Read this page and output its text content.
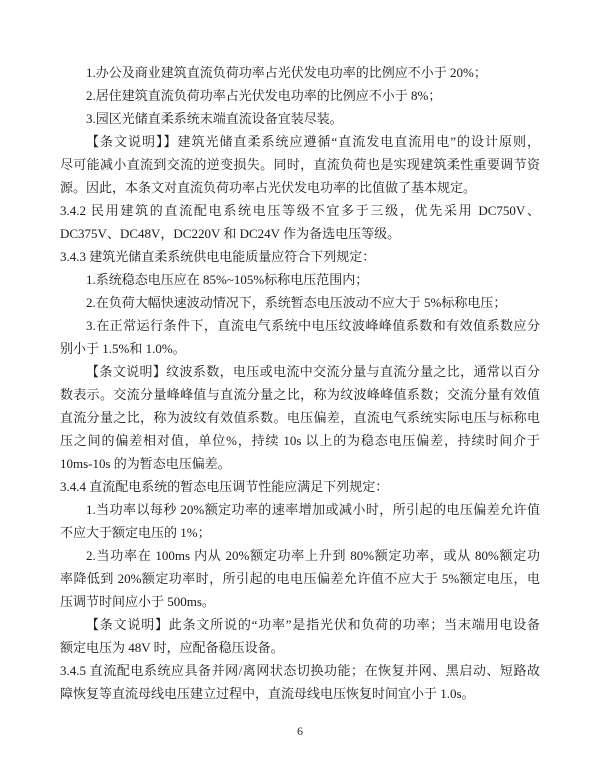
1.办公及商业建筑直流负荷功率占光伏发电功率的比例应不小于 20%；
2.居住建筑直流负荷功率占光伏发电功率的比例应不小于 8%；
3.园区光储直柔系统末端直流设备宜装尽装。
【条文说明】】建筑光储直柔系统应遵循“直流发电直流用电”的设计原则，
尽可能减小直流到交流的逆变损失。同时，直流负荷也是实现建筑柔性重要调节资
源。因此，本条文对直流负荷功率占光伏发电功率的比值做了基本规定。
3.4.2 民用建筑的直流配电系统电压等级不宜多于三级，优先采用 DC750V、
DC375V、DC48V，DC220V 和 DC24V 作为备选电压等级。
3.4.3 建筑光储直柔系统供电电能质量应符合下列规定：
1.系统稳态电压应在 85%~105%标称电压范围内；
2.在负荷大幅快速波动情况下，系统暂态电压波动不应大于 5%标称电压；
3.在正常运行条件下，直流电气系统中电压纹波峰峰值系数和有效值系数应分
别小于 1.5%和 1.0%。
【条文说明】纹波系数，电压或电流中交流分量与直流分量之比，通常以百分
数表示。交流分量峰峰值与直流分量之比，称为纹波峰峰值系数；交流分量有效值
直流分量之比，称为波纹有效值系数。电压偏差，直流电气系统实际电压与标称电
压之间的偏差相对值，单位%，持续 10s 以上的为稳态电压偏差，持续时间介于
10ms-10s 的为暂态电压偏差。
3.4.4 直流配电系统的暂态电压调节性能应满足下列规定：
1.当功率以每秒 20%额定功率的速率增加或减小时，所引起的电压偏差允许值
不应大于额定电压的 1%；
2.当功率在 100ms 内从 20%额定功率上升到 80%额定功率，或从 80%额定功
率降低到 20%额定功率时，所引起的电电压偏差允许值不应大于 5%额定电压，电
压调节时间应小于 500ms。
【条文说明】此条文所说的“功率”是指光伏和负荷的功率；当末端用电设备
额定电压为 48V 时，应配备稳压设备。
3.4.5 直流配电系统应具备并网/离网状态切换功能；在恢复并网、黑启动、短路故
障恢复等直流母线电压建立过程中，直流母线电压恢复时间宜小于 1.0s。
6
